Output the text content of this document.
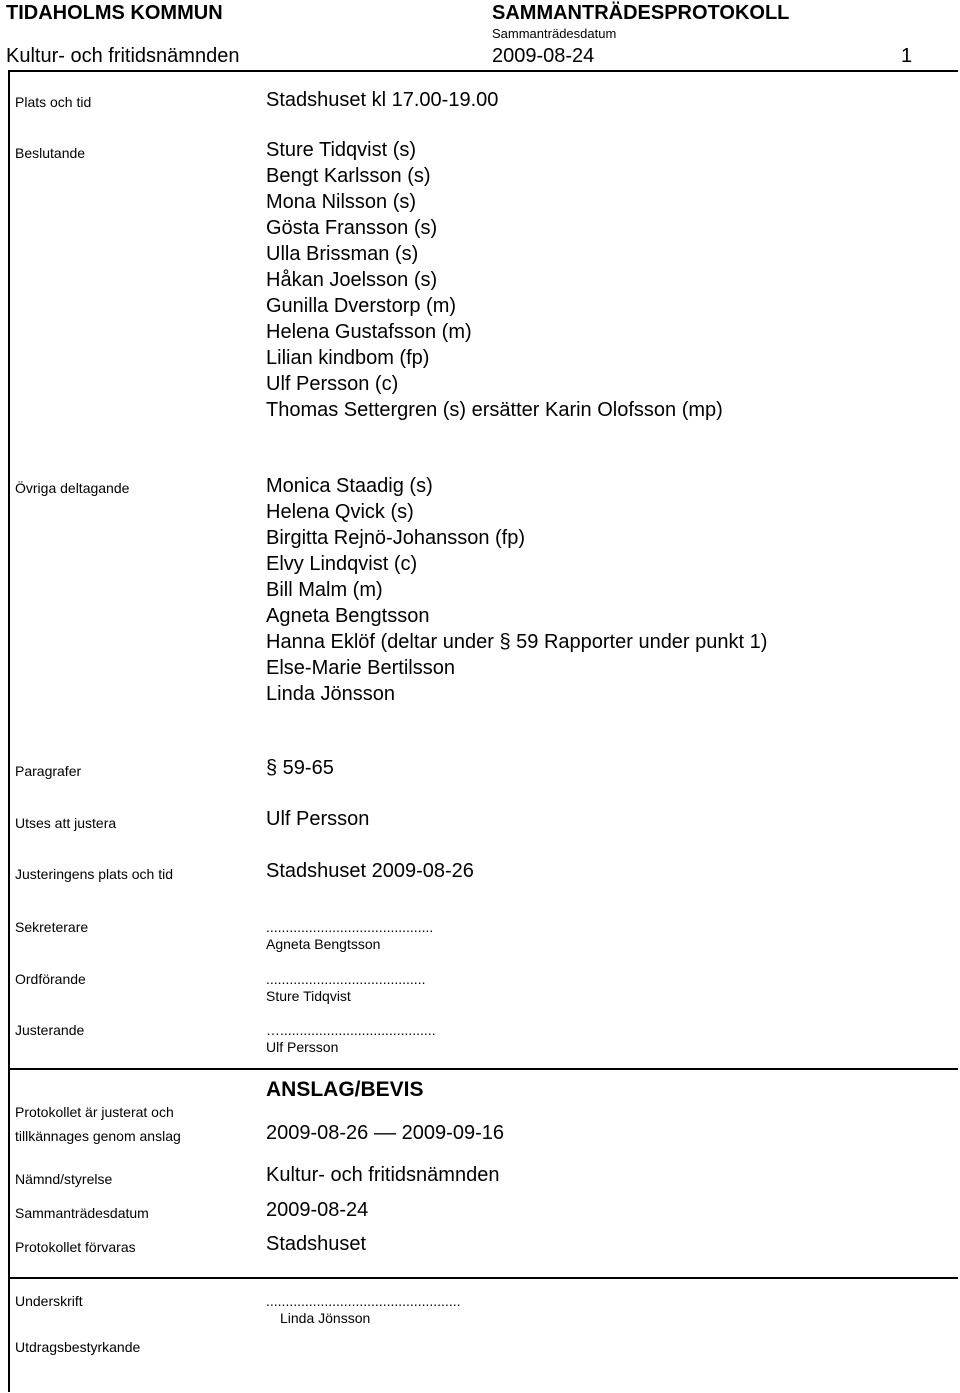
TIDAHOLMS KOMMUN	SAMMANTRÄDESPROTOKOLL
Sammanträdesdatum
Kultur- och fritidsnämnden	2009-08-24	1
Plats och tid	Stadshuset kl 17.00-19.00
Beslutande	Sture Tidqvist (s)
Bengt Karlsson (s)
Mona Nilsson (s)
Gösta Fransson (s)
Ulla Brissman (s)
Håkan Joelsson (s)
Gunilla Dverstorp (m)
Helena Gustafsson (m)
Lilian kindbom (fp)
Ulf Persson (c)
Thomas Settergren (s) ersätter Karin Olofsson (mp)
Övriga deltagande	Monica Staadig (s)
Helena Qvick (s)
Birgitta Rejnö-Johansson (fp)
Elvy Lindqvist (c)
Bill Malm (m)
Agneta Bengtsson
Hanna Eklöf (deltar under § 59 Rapporter under punkt 1)
Else-Marie Bertilsson
Linda Jönsson
Paragrafer	§ 59-65
Utses att justera	Ulf Persson
Justeringens plats och tid	Stadshuset 2009-08-26
Sekreterare	...........................................
Agneta Bengtsson
Ordförande	.........................................
Sture Tidqvist
Justerande	…........................................
Ulf Persson
ANSLAG/BEVIS
Protokollet är justerat och
tillkännages genom anslag	2009-08-26 –– 2009-09-16
Nämnd/styrelse	Kultur- och fritidsnämnden
Sammanträdesdatum	2009-08-24
Protokollet förvaras	Stadshuset
Underskrift	..................................................
Linda Jönsson
Utdragsbestyrkande
